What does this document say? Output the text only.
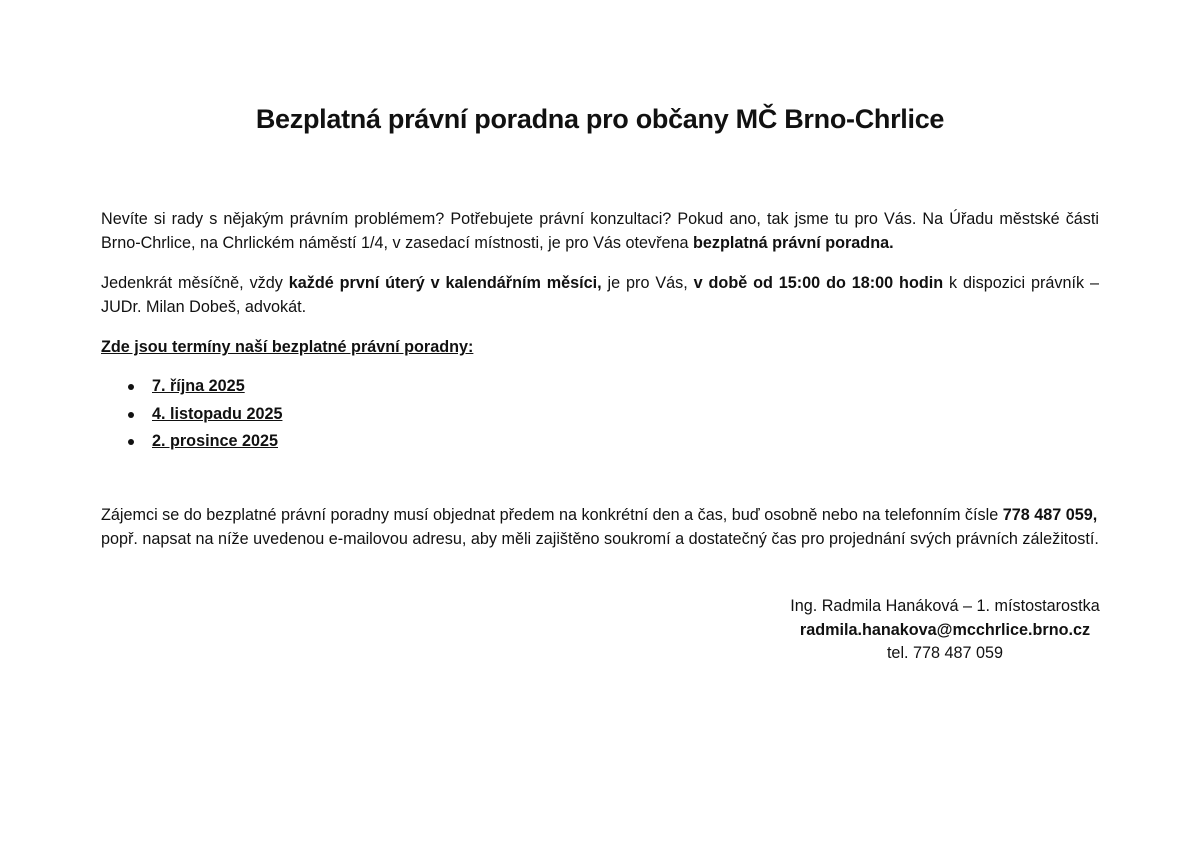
Bezplatná právní poradna pro občany MČ Brno-Chrlice

Nevíte si rady s nějakým právním problémem? Potřebujete právní konzultaci? Pokud ano, tak jsme tu pro Vás. Na Úřadu městské části Brno-Chrlice, na Chrlickém náměstí 1/4, v zasedací místnosti, je pro Vás otevřena bezplatná právní poradna.

Jedenkrát měsíčně, vždy každé první úterý v kalendářním měsíci, je pro Vás, v době od 15:00 do 18:00 hodin k dispozici právník – JUDr. Milan Dobeš, advokát.

Zde jsou termíny naší bezplatné právní poradny:

7. října 2025
4. listopadu 2025
2. prosince 2025

Zájemci se do bezplatné právní poradny musí objednat předem na konkrétní den a čas, buď osobně nebo na telefonním čísle 778 487 059, popř. napsat na níže uvedenou e-mailovou adresu, aby měli zajištěno soukromí a dostatečný čas pro projednání svých právních záležitostí.

Ing. Radmila Hanáková – 1. místostarostka
radmila.hanakova@mcchrlice.brno.cz
tel. 778 487 059
